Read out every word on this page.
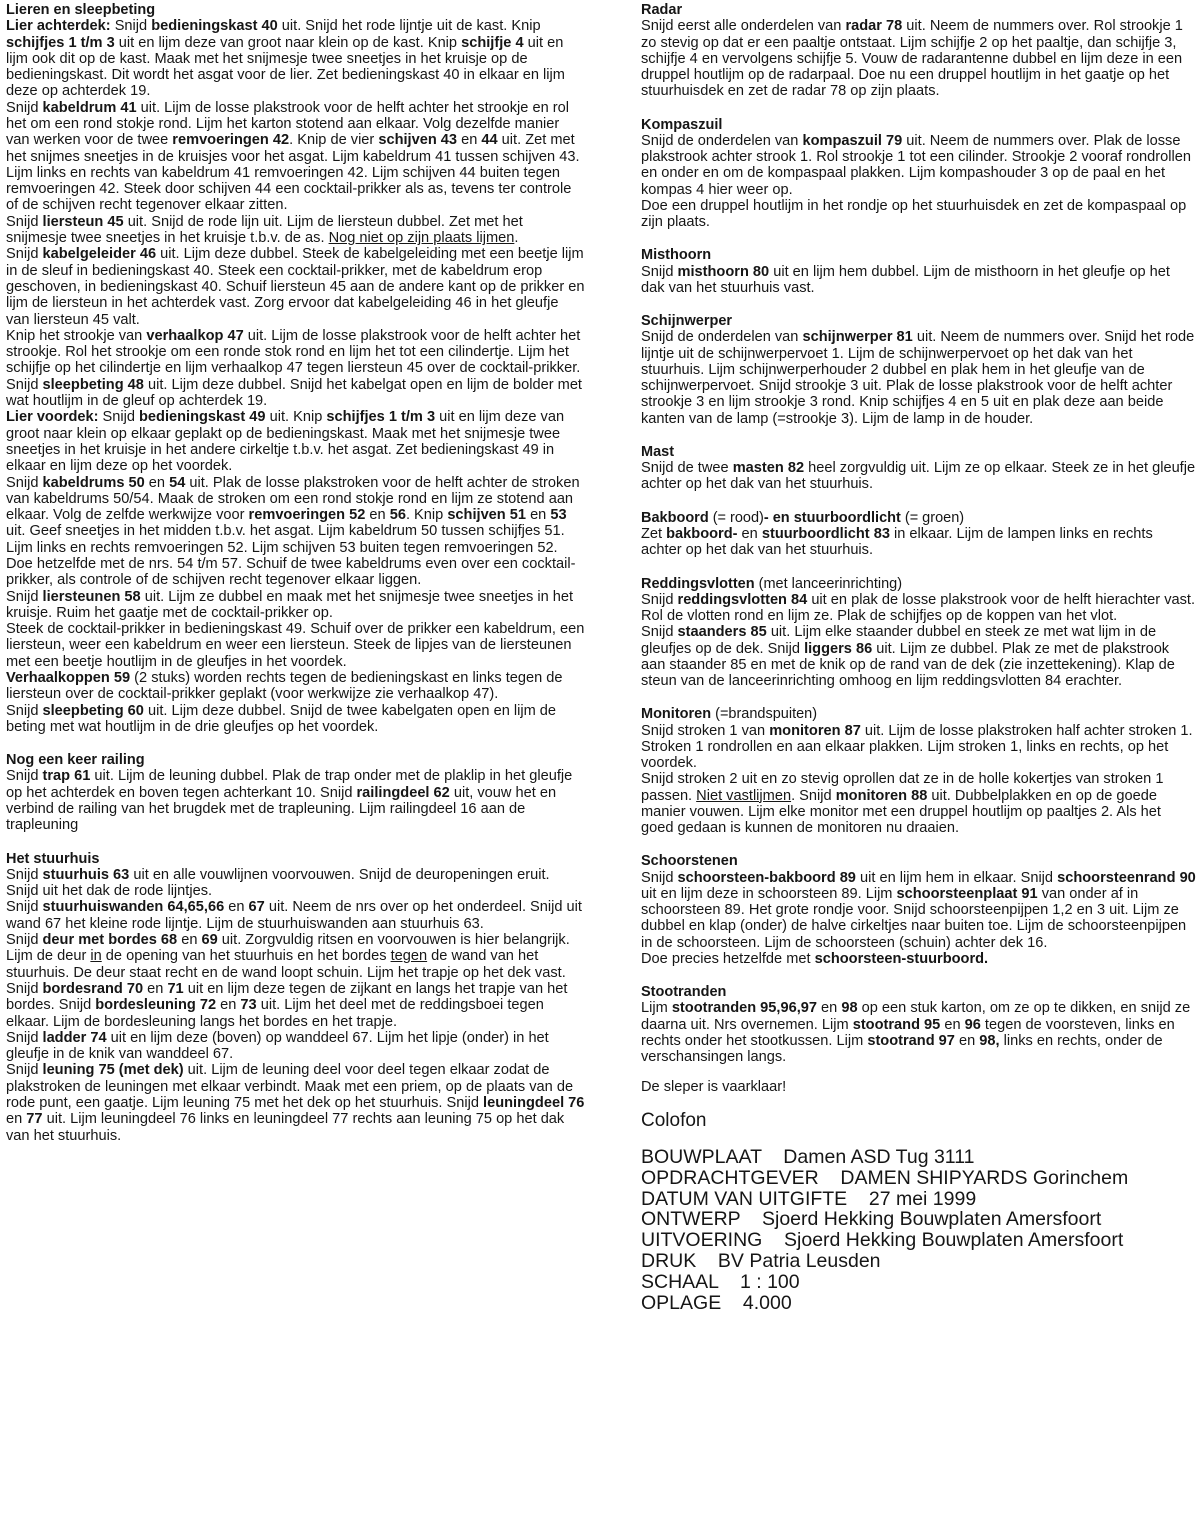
Lieren en sleepbeting

Lier achterdek: Snijd bedieningskast 40 uit. Snijd het rode lijntje uit de kast. Knip schijfjes 1 t/m 3 uit en lijm deze van groot naar klein op de kast. Knip schijfje 4 uit en lijm ook dit op de kast. Maak met het snijmesje twee sneetjes in het kruisje op de bedieningskast. Dit wordt het asgat voor de lier. Zet bedieningskast 40 in elkaar en lijm deze op achterdek 19.

Snijd kabeldrum 41 uit. Lijm de losse plakstrook voor de helft achter het strookje en rol het om een rond stokje rond. Lijm het karton stotend aan elkaar. Volg dezelfde manier van werken voor de twee remvoeringen 42. Knip de vier schijven 43 en 44 uit. Zet met het snijmes sneetjes in de kruisjes voor het asgat. Lijm kabeldrum 41 tussen schijven 43. Lijm links en rechts van kabeldrum 41 remvoeringen 42. Lijm schijven 44 buiten tegen remvoeringen 42. Steek door schijven 44 een cocktail-prikker als as, tevens ter controle of de schijven recht tegenover elkaar zitten.

Snijd liersteun 45 uit. Snijd de rode lijn uit. Lijm de liersteun dubbel. Zet met het snijmesje twee sneetjes in het kruisje t.b.v. de as. Nog niet op zijn plaats lijmen.

Snijd kabelgeleider 46 uit. Lijm deze dubbel. Steek de kabelgeleiding met een beetje lijm in de sleuf in bedieningskast 40. Steek een cocktail-prikker, met de kabeldrum erop geschoven, in bedieningskast 40. Schuif liersteun 45 aan de andere kant op de prikker en lijm de liersteun in het achterdek vast. Zorg ervoor dat kabelgeleiding 46 in het gleufje van liersteun 45 valt.

Knip het strookje van verhaalkop 47 uit. Lijm de losse plakstrook voor de helft achter het strookje. Rol het strookje om een ronde stok rond en lijm het tot een cilindertje. Lijm het schijfje op het cilindertje en lijm verhaalkop 47 tegen liersteun 45 over de cocktail-prikker.

Snijd sleepbeting 48 uit. Lijm deze dubbel. Snijd het kabelgat open en lijm de bolder met wat houtlijm in de gleuf op achterdek 19.

Lier voordek: Snijd bedieningskast 49 uit. Knip schijfjes 1 t/m 3 uit en lijm deze van groot naar klein op elkaar geplakt op de bedieningskast. Maak met het snijmesje twee sneetjes in het kruisje in het andere cirkeltje t.b.v. het asgat. Zet bedieningskast 49 in elkaar en lijm deze op het voordek.

Snijd kabeldrums 50 en 54 uit. Plak de losse plakstroken voor de helft achter de stroken van kabeldrums 50/54. Maak de stroken om een rond stokje rond en lijm ze stotend aan elkaar. Volg de zelfde werkwijze voor remvoeringen 52 en 56. Knip schijven 51 en 53 uit. Geef sneetjes in het midden t.b.v. het asgat. Lijm kabeldrum 50 tussen schijfjes 51. Lijm links en rechts remvoeringen 52. Lijm schijven 53 buiten tegen remvoeringen 52. Doe hetzelfde met de nrs. 54 t/m 57. Schuif de twee kabeldrums even over een cocktail-prikker, als controle of de schijven recht tegenover elkaar liggen.

Snijd liersteunen 58 uit. Lijm ze dubbel en maak met het snijmesje twee sneetjes in het kruisje. Ruim het gaatje met de cocktail-prikker op.

Steek de cocktail-prikker in bedieningskast 49. Schuif over de prikker een kabeldrum, een liersteun, weer een kabeldrum en weer een liersteun. Steek de lipjes van de liersteunen met een beetje houtlijm in de gleufjes in het voordek.

Verhaalkoppen 59 (2 stuks) worden rechts tegen de bedieningskast en links tegen de liersteun over de cocktail-prikker geplakt (voor werkwijze zie verhaalkop 47).

Snijd sleepbeting 60 uit. Lijm deze dubbel. Snijd de twee kabelgaten open en lijm de beting met wat houtlijm in de drie gleufjes op het voordek.

Nog een keer railing

Snijd trap 61 uit. Lijm de leuning dubbel. Plak de trap onder met de plaklip in het gleufje op het achterdek en boven tegen achterkant 10. Snijd railingdeel 62 uit, vouw het en verbind de railing van het brugdek met de trapleuning. Lijm railingdeel 16 aan de trapleuning

Het stuurhuis

Snijd stuurhuis 63 uit en alle vouwlijnen voorvouwen. Snijd de deuropeningen eruit. Snijd uit het dak de rode lijntjes.

Snijd stuurhuiswanden 64,65,66 en 67 uit. Neem de nrs over op het onderdeel. Snijd uit wand 67 het kleine rode lijntje. Lijm de stuurhuiswanden aan stuurhuis 63.

Snijd deur met bordes 68 en 69 uit. Zorgvuldig ritsen en voorvouwen is hier belangrijk. Lijm de deur in de opening van het stuurhuis en het bordes tegen de wand van het stuurhuis. De deur staat recht en de wand loopt schuin. Lijm het trapje op het dek vast.

Snijd bordesrand 70 en 71 uit en lijm deze tegen de zijkant en langs het trapje van het bordes. Snijd bordesleuning 72 en 73 uit. Lijm het deel met de reddingsboei tegen elkaar. Lijm de bordesleuning langs het bordes en het trapje.

Snijd ladder 74 uit en lijm deze (boven) op wanddeel 67. Lijm het lipje (onder) in het gleufje in de knik van wanddeel 67.

Snijd leuning 75 (met dek) uit. Lijm de leuning deel voor deel tegen elkaar zodat de plakstroken de leuningen met elkaar verbindt. Maak met een priem, op de plaats van de rode punt, een gaatje. Lijm leuning 75 met het dek op het stuurhuis. Snijd leuningdeel 76 en 77 uit. Lijm leuningdeel 76 links en leuningdeel 77 rechts aan leuning 75 op het dak van het stuurhuis.

Radar

Snijd eerst alle onderdelen van radar 78 uit. Neem de nummers over. Rol strookje 1 zo stevig op dat er een paaltje ontstaat. Lijm schijfje 2 op het paaltje, dan schijfje 3, schijfje 4 en vervolgens schijfje 5. Vouw de radarantenne dubbel en lijm deze in een druppel houtlijm op de radarpaal. Doe nu een druppel houtlijm in het gaatje op het stuurhuisdek en zet de radar 78 op zijn plaats.

Kompaszuil

Snijd de onderdelen van kompaszuil 79 uit. Neem de nummers over. Plak de losse plakstrook achter strook 1. Rol strookje 1 tot een cilinder. Strookje 2 vooraf rondrollen en onder en om de kompaspaal plakken. Lijm kompashouder 3 op de paal en het kompas 4 hier weer op.

Doe een druppel houtlijm in het rondje op het stuurhuisdek en zet de kompaspaal op zijn plaats.

Misthoorn

Snijd misthoorn 80 uit en lijm hem dubbel. Lijm de misthoorn in het gleufje op het dak van het stuurhuis vast.

Schijnwerper

Snijd de onderdelen van schijnwerper 81 uit. Neem de nummers over. Snijd het rode lijntje uit de schijnwerpervoet 1. Lijm de schijnwerpervoet op het dak van het stuurhuis. Lijm schijnwerperhouder 2 dubbel en plak hem in het gleufje van de schijnwerpervoet. Snijd strookje 3 uit. Plak de losse plakstrook voor de helft achter strookje 3 en lijm strookje 3 rond. Knip schijfjes 4 en 5 uit en plak deze aan beide kanten van de lamp (=strookje 3). Lijm de lamp in de houder.

Mast

Snijd de twee masten 82 heel zorgvuldig uit. Lijm ze op elkaar. Steek ze in het gleufje achter op het dak van het stuurhuis.

Bakboord (= rood)- en stuurboordlicht (= groen)

Zet bakboord- en stuurboordlicht 83 in elkaar. Lijm de lampen links en rechts achter op het dak van het stuurhuis.

Reddingsvlotten (met lanceerinrichting)

Snijd reddingsvlotten 84 uit en plak de losse plakstrook voor de helft hierachter vast. Rol de vlotten rond en lijm ze. Plak de schijfjes op de koppen van het vlot.

Snijd staanders 85 uit. Lijm elke staander dubbel en steek ze met wat lijm in de gleufjes op de dek. Snijd liggers 86 uit. Lijm ze dubbel. Plak ze met de plakstrook aan staander 85 en met de knik op de rand van de dek (zie inzettekening). Klap de steun van de lanceerinrichting omhoog en lijm reddingsvlotten 84 erachter.

Monitoren (=brandspuiten)

Snijd stroken 1 van monitoren 87 uit. Lijm de losse plakstroken half achter stroken 1. Stroken 1 rondrollen en aan elkaar plakken. Lijm stroken 1, links en rechts, op het voordek.

Snijd stroken 2 uit en zo stevig oprollen dat ze in de holle kokertjes van stroken 1 passen. Niet vastlijmen. Snijd monitoren 88 uit. Dubbelplakken en op de goede manier vouwen. Lijm elke monitor met een druppel houtlijm op paaltjes 2. Als het goed gedaan is kunnen de monitoren nu draaien.

Schoorstenen

Snijd schoorsteen-bakboord 89 uit en lijm hem in elkaar. Snijd schoorsteenrand 90 uit en lijm deze in schoorsteen 89. Lijm schoorsteenplaat 91 van onder af in schoorsteen 89. Het grote rondje voor. Snijd schoorsteenpijpen 1,2 en 3 uit. Lijm ze dubbel en klap (onder) de halve cirkeltjes naar buiten toe. Lijm de schoorsteenpijpen in de schoorsteen. Lijm de schoorsteen (schuin) achter dek 16.

Doe precies hetzelfde met schoorsteen-stuurboord.

Stootranden

Lijm stootranden 95,96,97 en 98 op een stuk karton, om ze op te dikken, en snijd ze daarna uit. Nrs overnemen. Lijm stootrand 95 en 96 tegen de voorsteven, links en rechts onder het stootkussen. Lijm stootrand 97 en 98, links en rechts, onder de verschansingen langs.

De sleper is vaarklaar!

Colofon

BOUWPLAAT    Damen ASD Tug 3111
OPDRACHTGEVER    DAMEN SHIPYARDS Gorinchem
DATUM VAN UITGIFTE    27 mei 1999
ONTWERP    Sjoerd Hekking Bouwplaten Amersfoort
UITVOERING    Sjoerd Hekking Bouwplaten Amersfoort
DRUK    BV Patria Leusden
SCHAAL    1 : 100
OPLAGE    4.000
